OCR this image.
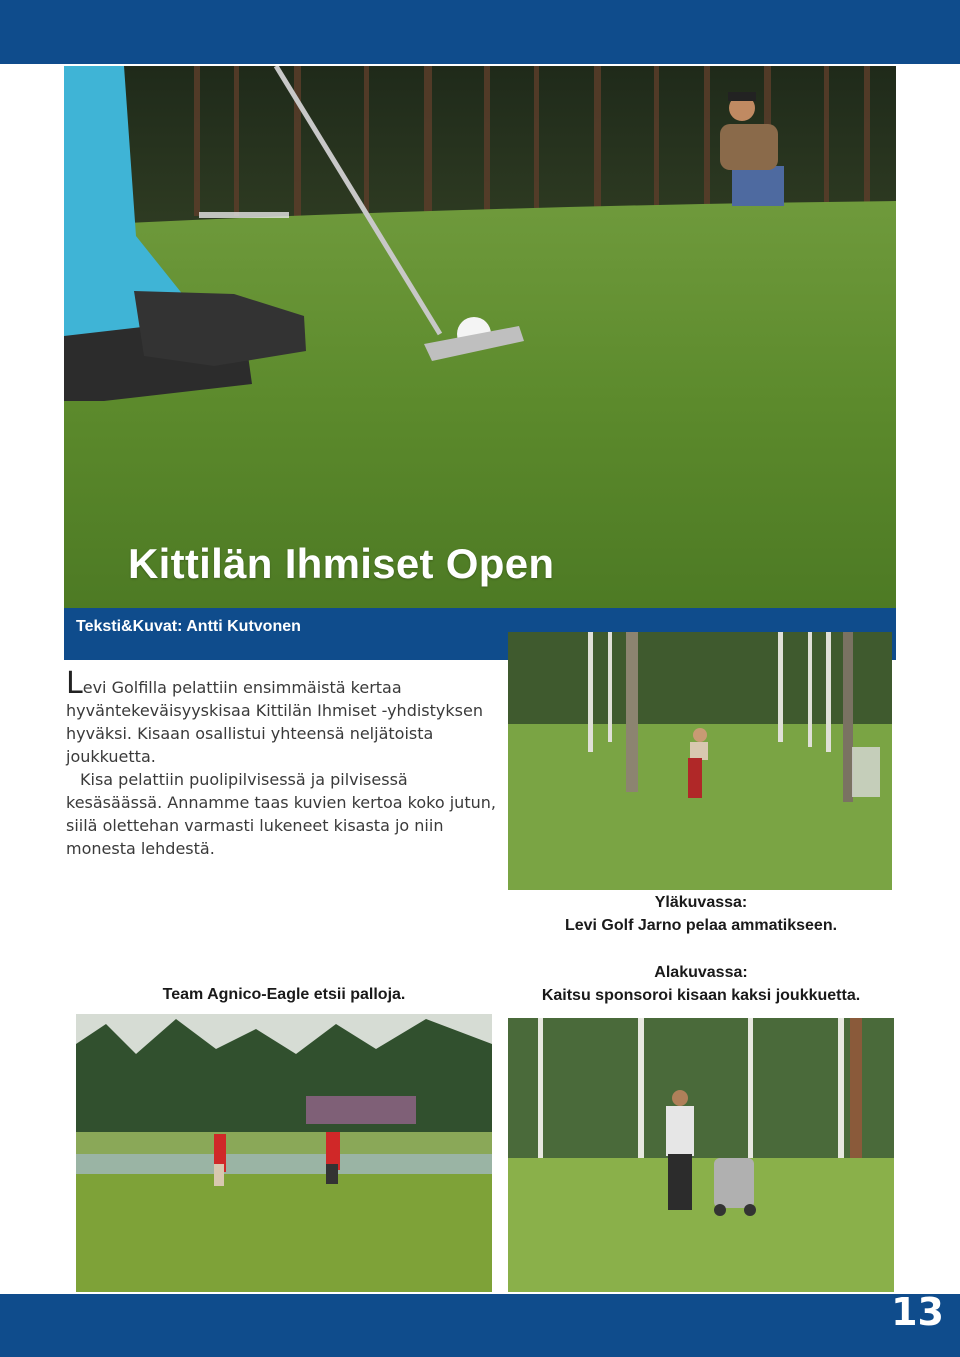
Kittilän Ihmiset Open
Teksti&Kuvat: Antti Kutvonen

Levi Golfilla pelattiin ensimmäistä kertaa hyväntekeväisyyskisaa Kittilän Ihmiset -yhdistyksen hyväksi. Kisaan osallistui yhteensä neljätoista joukkuetta.

Kisa pelattiin puolipilvisessä ja pilvisessä kesäsäässä. Annamme taas kuvien kertoa koko jutun, siilä olettehan varmasti lukeneet kisasta jo niin monesta lehdestä.

Yläkuvassa:
Levi Golf Jarno pelaa ammatikseen.
Alakuvassa:
Kaitsu sponsoroi kisaan kaksi joukkuetta.
Team Agnico-Eagle etsii palloja.
13
